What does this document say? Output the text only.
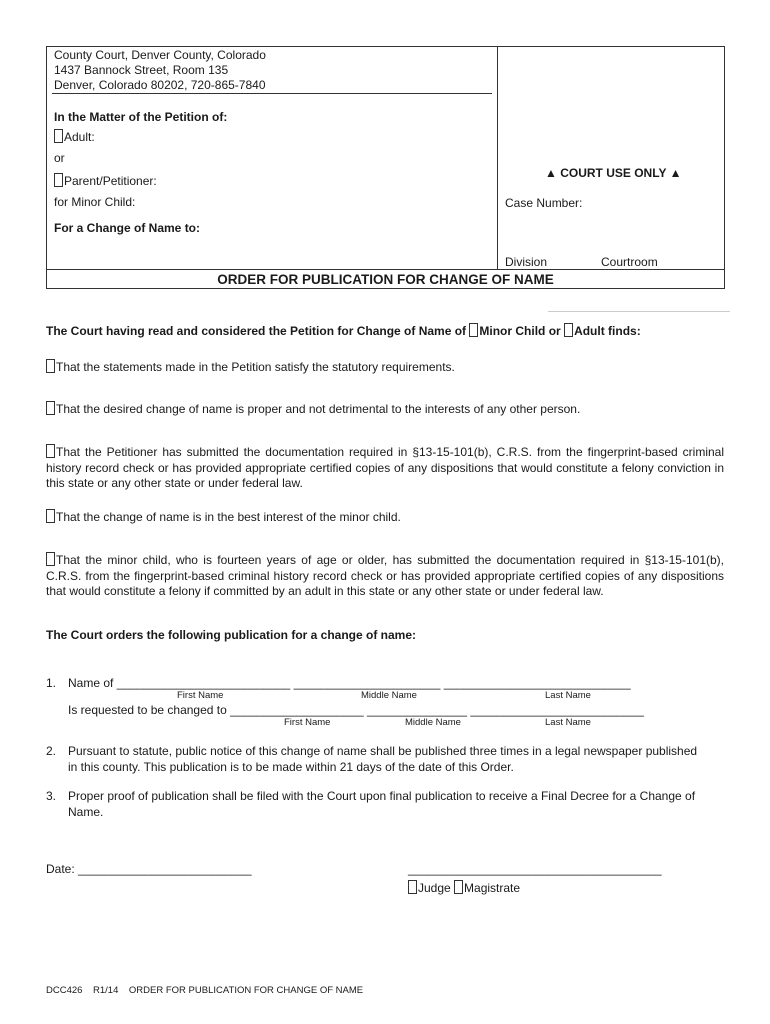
County Court, Denver County, Colorado
1437 Bannock Street, Room 135
Denver, Colorado 80202, 720-865-7840
In the Matter of the Petition of:
Adult:
or
Parent/Petitioner:
for Minor Child:
For a Change of Name to:
▲ COURT USE ONLY ▲
Case Number:
Division	Courtroom
ORDER FOR PUBLICATION FOR CHANGE OF NAME
The Court having read and considered the Petition for Change of Name of Minor Child or Adult finds:
That the statements made in the Petition satisfy the statutory requirements.
That the desired change of name is proper and not detrimental to the interests of any other person.
That the Petitioner has submitted the documentation required in §13-15-101(b), C.R.S. from the fingerprint-based criminal history record check or has provided appropriate certified copies of any dispositions that would constitute a felony conviction in this state or any other state or under federal law.
That the change of name is in the best interest of the minor child.
That the minor child, who is fourteen years of age or older, has submitted the documentation required in §13-15-101(b), C.R.S. from the fingerprint-based criminal history record check or has provided appropriate certified copies of any dispositions that would constitute a felony if committed by an adult in this state or any other state or under federal law.
The Court orders the following publication for a change of name:
1. Name of __________________________ ______________________ ____________________________
First Name	Middle Name	Last Name
Is requested to be changed to ____________________ _______________ __________________________
First Name	Middle Name	Last Name
2. Pursuant to statute, public notice of this change of name shall be published three times in a legal newspaper published in this county. This publication is to be made within 21 days of the date of this Order.
3. Proper proof of publication shall be filed with the Court upon final publication to receive a Final Decree for a Change of Name.
Date: __________________________	______________________________________
Judge Magistrate
DCC426 R1/14 ORDER FOR PUBLICATION FOR CHANGE OF NAME
